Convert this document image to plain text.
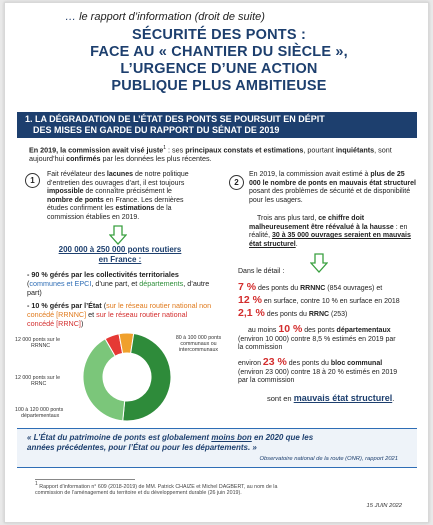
… le rapport d’information (droit de suite)
SÉCURITÉ DES PONTS :
FACE AU « CHANTIER DU SIÈCLE »,
L’URGENCE D’UNE ACTION
PUBLIQUE PLUS AMBITIEUSE
1. LA DÉGRADATION DE L’ÉTAT DES PONTS SE POURSUIT EN DÉPIT
DES MISES EN GARDE DU RAPPORT DU SÉNAT DE 2019
En 2019, la commission avait visé juste$^1$ : ses principaux constats et estimations, pourtant inquiétants, sont aujourd’hui confirmés par les données les plus récentes.
1
Fait révélateur des lacunes de notre politique
d’entretien des ouvrages d’art, il est toujours
impossible de connaître précisément le
nombre de ponts en France. Les dernières
études confirment les estimations de la
commission établies en 2019.
200 000 à 250 000 ponts routiers
en France :
- 90 % gérés par les collectivités territoriales
(communes et EPCI, d’une part, et départements, d’autre part)
- 10 % gérés par l’État (sur le réseau routier national non concédé [RRNNC] et sur le réseau routier national concédé [RRNC])
12 000 ponts sur le
RRNNC
12 000 ponts sur le
RRNC
100 à 120 000 ponts
départementaux
80 à 100 000 ponts
communaux ou
intercommunaux
2
En 2019, la commission avait estimé à plus de 25 000 le nombre de ponts en mauvais état structurel posant des problèmes de sécurité et de disponibilité pour les usagers.
Trois ans plus tard, ce chiffre doit malheureusement être réévalué à la hausse : en réalité, 30 à 35 000 ouvrages seraient en mauvais état structurel.
Dans le détail :
7 % des ponts du RRNNC (854 ouvrages) et
12 % en surface, contre 10 % en surface en 2018
2,1 % des ponts du RRNC (253)
au moins 10 % des ponts départementaux
(environ 10 000) contre 8,5 % estimés en 2019 par
la commission
environ 23 % des ponts du bloc communal
(environ 23 000) contre 18 à 20 % estimés en 2019
par la commission
sont en mauvais état structurel.
« L’État du patrimoine de ponts est globalement moins bon en 2020 que les
années précédentes, pour l’État ou pour les départements. »
Observatoire national de la route (ONR), rapport 2021
$^1$ Rapport d’information n° 609 (2018-2019) de MM. Patrick CHAIZE et Michel DAGBERT, au nom de la
commission de l’aménagement du territoire et du développement durable (26 juin 2019).
15 JUIN 2022
